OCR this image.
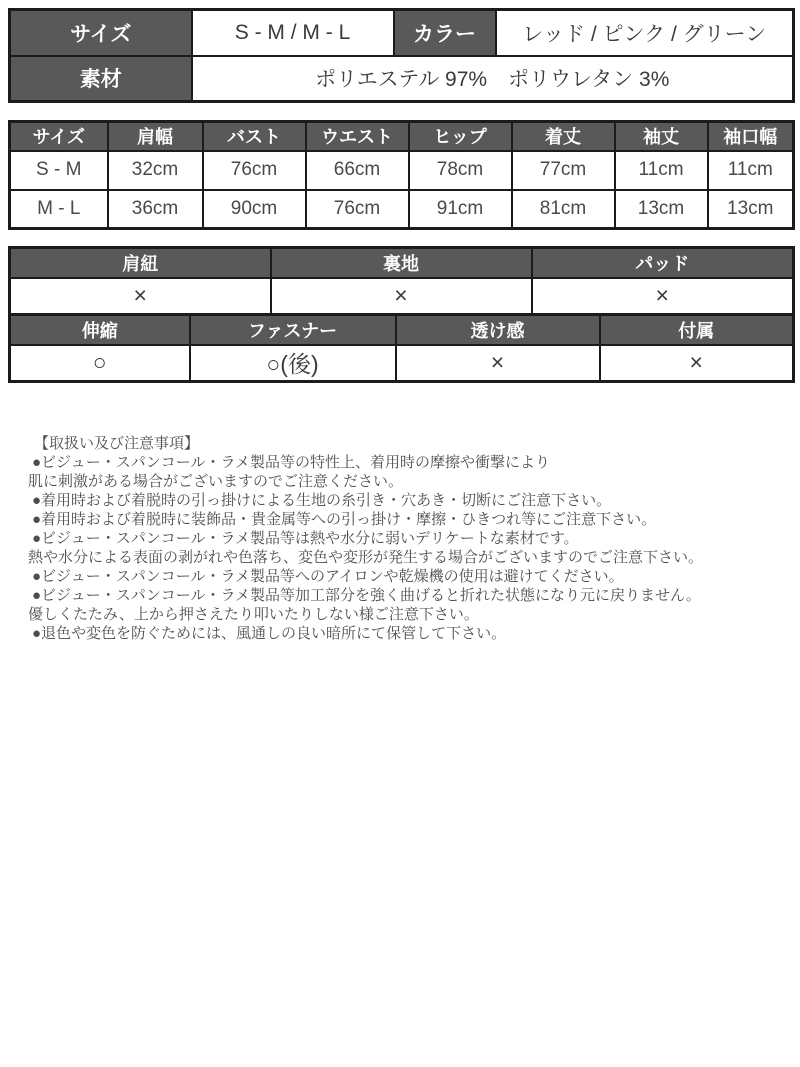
サイズ	S - M / M - L	カラー	レッド / ピンク / グリーン
素材	ポリエステル 97%　ポリウレタン 3%		
サイズ	肩幅	バスト	ウエスト	ヒップ	着丈	袖丈	袖口幅
S - M	32cm	76cm	66cm	78cm	77cm	11cm	11cm
M - L	36cm	90cm	76cm	91cm	81cm	13cm	13cm
肩紐	裏地	パッド
×	×	×
伸縮	ファスナー	透け感	付属
○	○(後)	×	×
【取扱い及び注意事項】
●ビジュー・スパンコール・ラメ製品等の特性上、着用時の摩擦や衝撃により
肌に刺激がある場合がございますのでご注意ください。
●着用時および着脱時の引っ掛けによる生地の糸引き・穴あき・切断にご注意下さい。
●着用時および着脱時に装飾品・貴金属等への引っ掛け・摩擦・ひきつれ等にご注意下さい。
●ビジュー・スパンコール・ラメ製品等は熱や水分に弱いデリケートな素材です。
熱や水分による表面の剥がれや色落ち、変色や変形が発生する場合がございますのでご注意下さい。
●ビジュー・スパンコール・ラメ製品等へのアイロンや乾燥機の使用は避けてください。
●ビジュー・スパンコール・ラメ製品等加工部分を強く曲げると折れた状態になり元に戻りません。
優しくたたみ、上から押さえたり叩いたりしない様ご注意下さい。
●退色や変色を防ぐためには、風通しの良い暗所にて保管して下さい。
